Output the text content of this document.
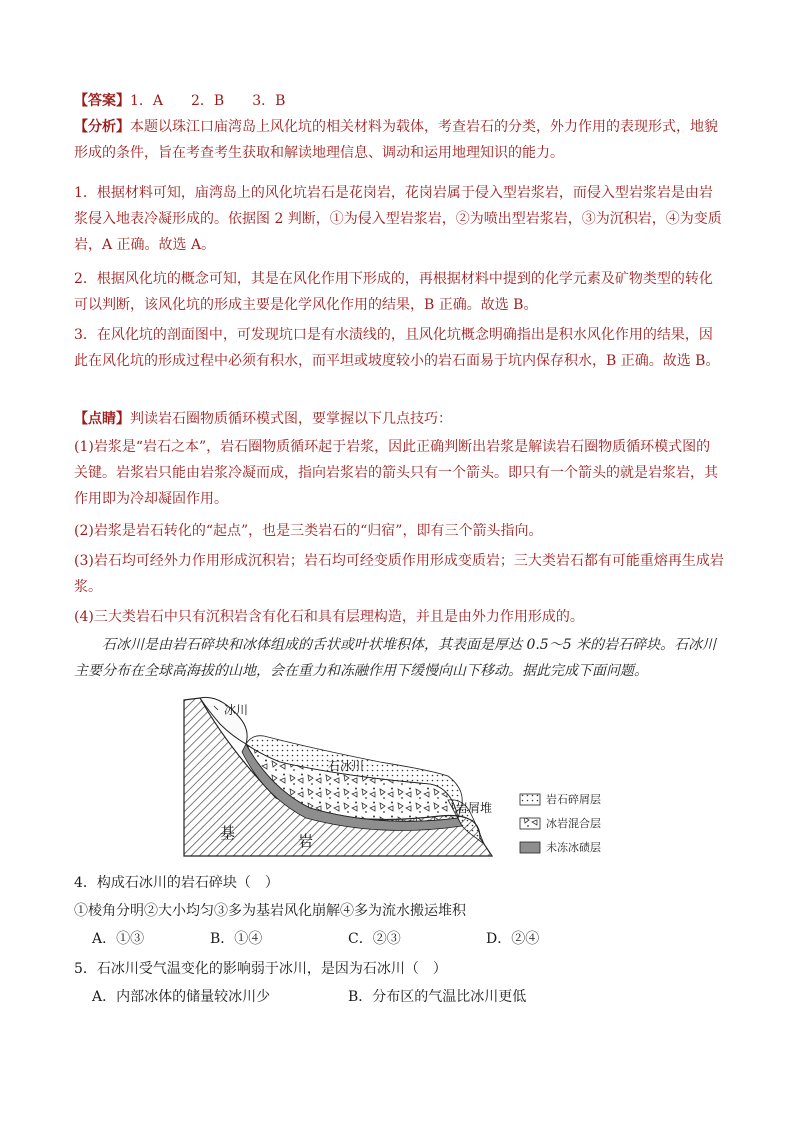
【答案】1．A　　2．B　　3．B

【分析】本题以珠江口庙湾岛上风化坑的相关材料为载体，考查岩石的分类，外力作用的表现形式，地貌形成的条件，旨在考查考生获取和解读地理信息、调动和运用地理知识的能力。

1．根据材料可知，庙湾岛上的风化坑岩石是花岗岩，花岗岩属于侵入型岩浆岩，而侵入型岩浆岩是由岩浆侵入地表冷凝形成的。依据图 2 判断，①为侵入型岩浆岩，②为喷出型岩浆岩，③为沉积岩，④为变质岩，A 正确。故选 A。

2．根据风化坑的概念可知，其是在风化作用下形成的，再根据材料中提到的化学元素及矿物类型的转化可以判断，该风化坑的形成主要是化学风化作用的结果，B 正确。故选 B。

3．在风化坑的剖面图中，可发现坑口是有水渍线的，且风化坑概念明确指出是积水风化作用的结果，因此在风化坑的形成过程中必须有积水，而平坦或坡度较小的岩石面易于坑内保存积水，B 正确。故选 B。

【点睛】判读岩石圈物质循环模式图，要掌握以下几点技巧：

(1)岩浆是“岩石之本”，岩石圈物质循环起于岩浆，因此正确判断出岩浆是解读岩石圈物质循环模式图的关键。岩浆岩只能由岩浆冷凝而成，指向岩浆岩的箭头只有一个箭头。即只有一个箭头的就是岩浆岩，其作用即为冷却凝固作用。

(2)岩浆是岩石转化的“起点”，也是三类岩石的“归宿”，即有三个箭头指向。

(3)岩石均可经外力作用形成沉积岩；岩石均可经变质作用形成变质岩；三大类岩石都有可能重熔再生成岩浆。

(4)三大类岩石中只有沉积岩含有化石和具有层理构造，并且是由外力作用形成的。

石冰川是由岩石碎块和冰体组成的舌状或叶状堆积体，其表面是厚达 0.5～5 米的岩石碎块。石冰川主要分布在全球高海拔的山地，会在重力和冻融作用下缓慢向山下移动。据此完成下面问题。

冰川
石冰川
岩屑堆
基	岩
岩石碎屑层
冰岩混合层
未冻冰碛层

4．构成石冰川的岩石碎块（　）

①棱角分明②大小均匀③多为基岩风化崩解④多为流水搬运堆积

A．①③	B．①④	C．②③	D．②④

5．石冰川受气温变化的影响弱于冰川，是因为石冰川（　）

A．内部冰体的储量较冰川少	B．分布区的气温比冰川更低
